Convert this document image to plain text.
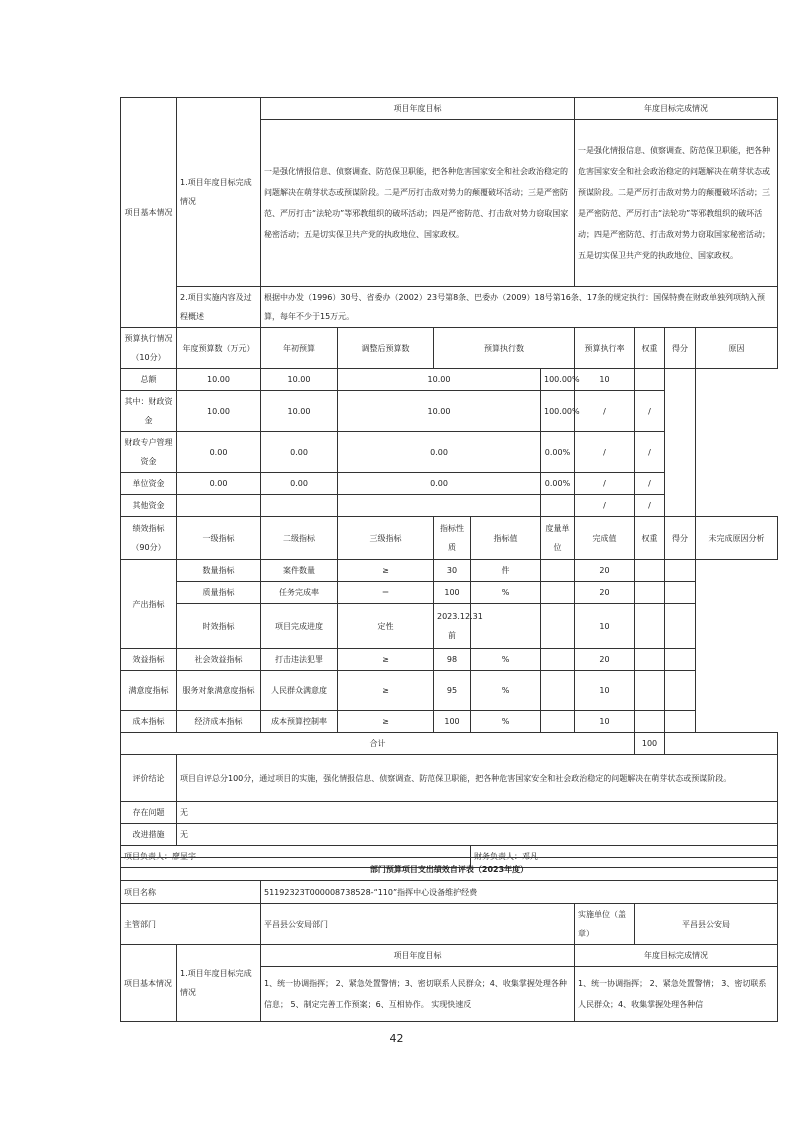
项目基本情况	1.项目年度目标完成情况	项目年度目标					年度目标完成情况			
		一是强化情报信息、侦察调查、防范保卫职能，把各种危害国家安全和社会政治稳定的问题解决在萌芽状态或预谋阶段。二是严厉打击敌对势力的颠覆破坏活动；三是严密防范、严厉打击“法轮功”等邪教组织的破坏活动；四是严密防范、打击敌对势力窃取国家秘密活动；五是切实保卫共产党的执政地位、国家政权。					一是强化情报信息、侦察调查、防范保卫职能，把各种危害国家安全和社会政治稳定的问题解决在萌芽状态或预谋阶段。二是严厉打击敌对势力的颠覆破坏活动；三是严密防范、严厉打击“法轮功”等邪教组织的破坏活动；四是严密防范、打击敌对势力窃取国家秘密活动；五是切实保卫共产党的执政地位、国家政权。			
	2.项目实施内容及过程概述	根据中办发（1996）30号、省委办（2002）23号第8条、巴委办（2009）18号第16条、17条的规定执行：国保特费在财政单独列项纳入预算，每年不少于15万元。								
预算执行情况（10分）	年度预算数（万元）	年初预算	调整后预算数	预算执行数			预算执行率	权重	得分	原因
总额	10.00	10.00	10.00			100.00%	10			
其中：财政资金	10.00	10.00	10.00			100.00%	/	/		
财政专户管理资金	0.00	0.00	0.00			0.00%	/	/		
单位资金	0.00	0.00	0.00			0.00%	/	/		
其他资金							/	/		
绩效指标（90分）	一级指标	二级指标	三级指标	指标性质	指标值	度量单位	完成值	权重	得分	未完成原因分析
产出指标	数量指标	案件数量	≥	30	件		20			
	质量指标	任务完成率	＝	100	%		20			
	时效指标	项目完成进度	定性	2023.12.31前			10			
效益指标	社会效益指标	打击违法犯罪	≥	98	%		20			
满意度指标	服务对象满意度指标	人民群众满意度	≥	95	%		10			
成本指标	经济成本指标	成本预算控制率	≥	100	%		10			
合计								100		
评价结论	项目自评总分100分，通过项目的实施，强化情报信息、侦察调查、防范保卫职能，把各种危害国家安全和社会政治稳定的问题解决在萌芽状态或预谋阶段。									
存在问题	无									
改进措施	无									
项目负责人：廖显宇					财务负责人：邓凡					
部门预算项目支出绩效自评表（2023年度）				
项目名称		51192323T000008738528-“110”指挥中心设备维护经费		
主管部门		平昌县公安局部门	实施单位（盖章）	平昌县公安局
项目基本情况	1.项目年度目标完成情况	项目年度目标	年度目标完成情况	
		1、统一协调指挥； 2、紧急处置警情；3、密切联系人民群众；4、收集掌握处理各种信息； 5、制定完善工作预案；6、互相协作。 实现快速反	1、统一协调指挥； 2、紧急处置警情； 3、密切联系人民群众；4、收集掌握处理各种信	
42
